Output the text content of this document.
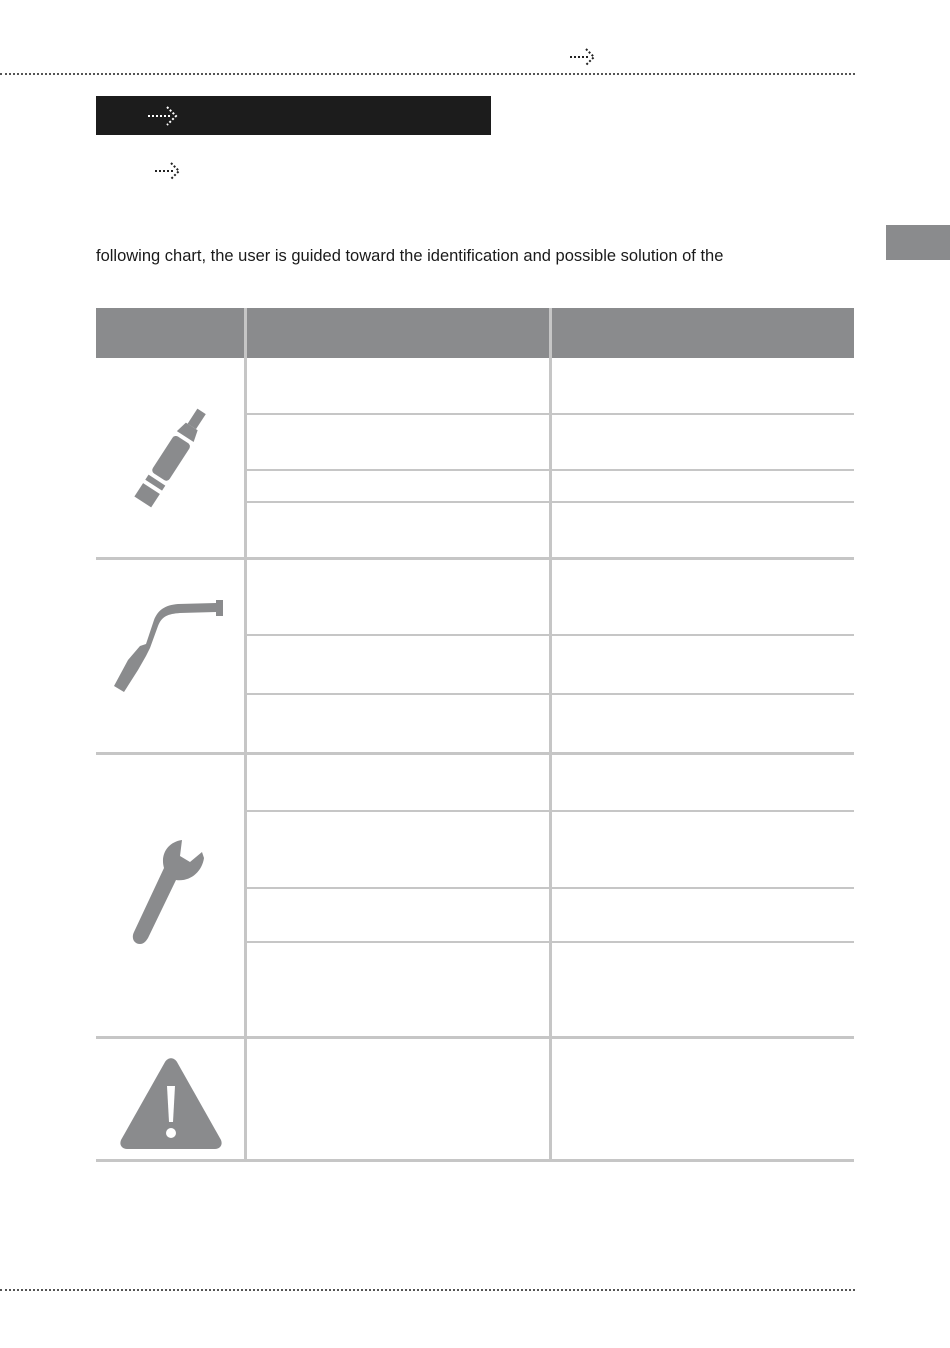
following chart, the user is guided toward the identification and possible solution of the
